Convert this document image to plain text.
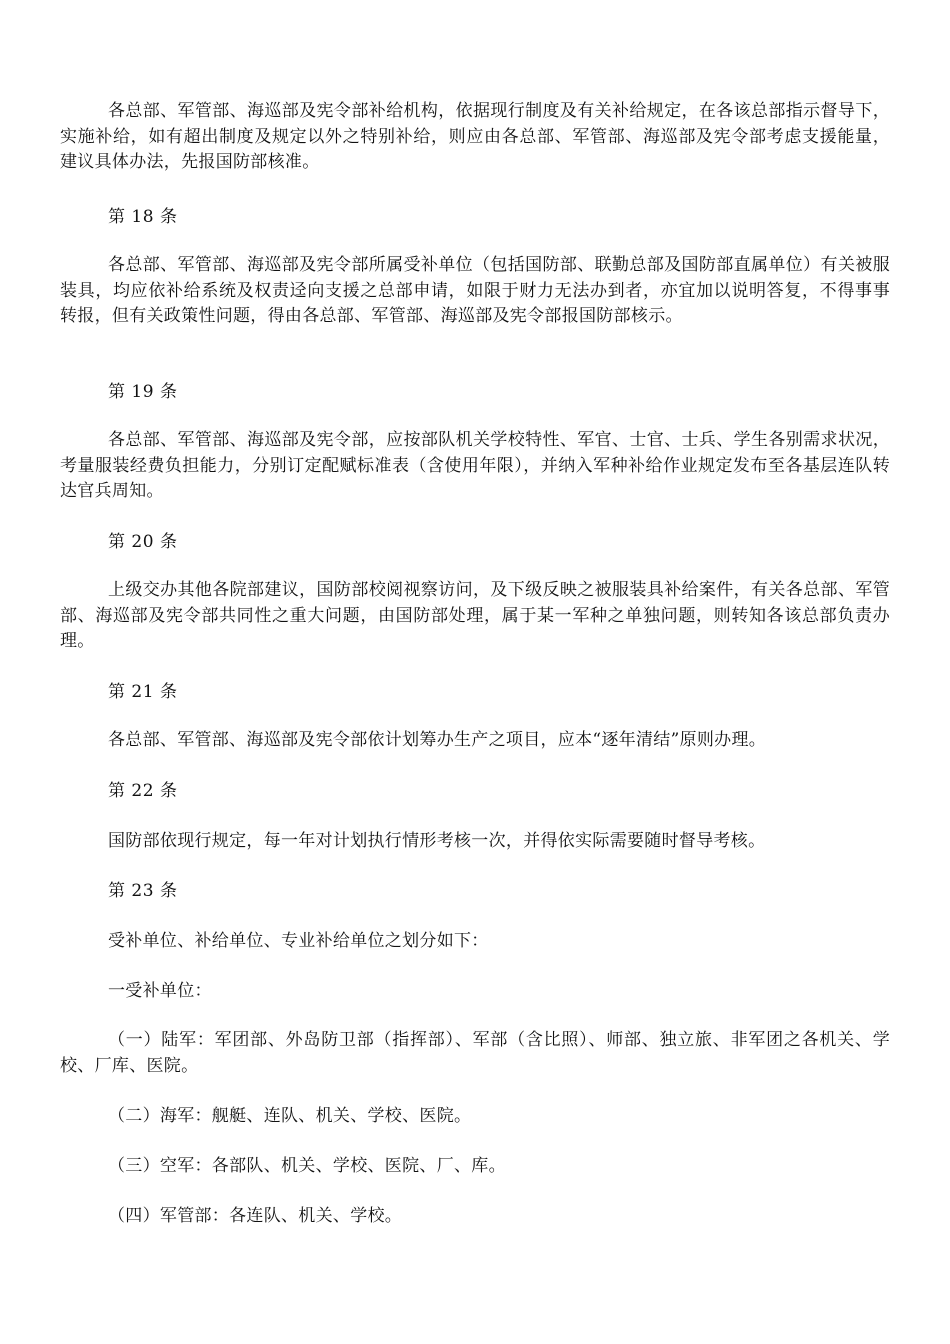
各总部、军管部、海巡部及宪令部补给机构，依据现行制度及有关补给规定，在各该总部指示督导下，实施补给，如有超出制度及规定以外之特别补给，则应由各总部、军管部、海巡部及宪令部考虑支援能量，建议具体办法，先报国防部核准。

第 18 条

各总部、军管部、海巡部及宪令部所属受补单位（包括国防部、联勤总部及国防部直属单位）有关被服装具，均应依补给系统及权责迳向支援之总部申请，如限于财力无法办到者，亦宜加以说明答复，不得事事转报，但有关政策性问题，得由各总部、军管部、海巡部及宪令部报国防部核示。

第 19 条

各总部、军管部、海巡部及宪令部，应按部队机关学校特性、军官、士官、士兵、学生各别需求状况，考量服装经费负担能力，分别订定配赋标准表（含使用年限），并纳入军种补给作业规定发布至各基层连队转达官兵周知。

第 20 条

上级交办其他各院部建议，国防部校阅视察访问，及下级反映之被服装具补给案件，有关各总部、军管部、海巡部及宪令部共同性之重大问题，由国防部处理，属于某一军种之单独问题，则转知各该总部负责办理。

第 21 条

各总部、军管部、海巡部及宪令部依计划筹办生产之项目，应本“逐年清结”原则办理。

第 22 条

国防部依现行规定，每一年对计划执行情形考核一次，并得依实际需要随时督导考核。

第 23 条

受补单位、补给单位、专业补给单位之划分如下：

一受补单位：

（一）陆军：军团部、外岛防卫部（指挥部）、军部（含比照）、师部、独立旅、非军团之各机关、学校、厂库、医院。

（二）海军：舰艇、连队、机关、学校、医院。

（三）空军：各部队、机关、学校、医院、厂、库。

（四）军管部：各连队、机关、学校。
